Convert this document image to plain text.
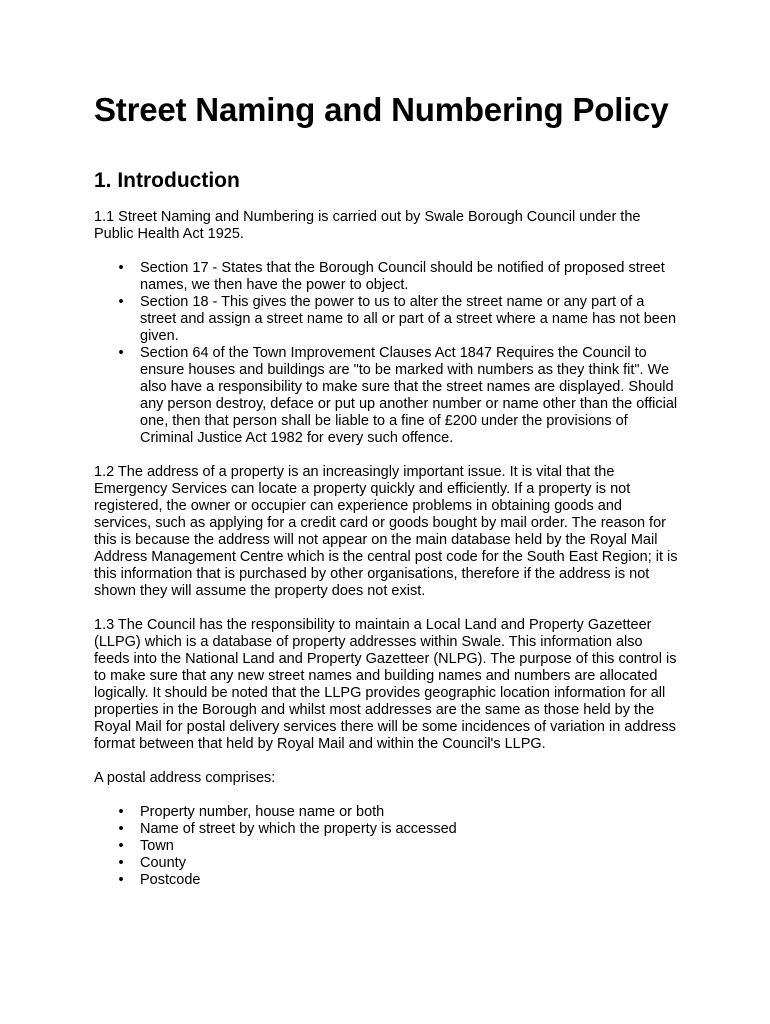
Street Naming and Numbering Policy
1. Introduction

1.1 Street Naming and Numbering is carried out by Swale Borough Council under the Public Health Act 1925.

• Section 17 - States that the Borough Council should be notified of proposed street names, we then have the power to object.
• Section 18 - This gives the power to us to alter the street name or any part of a street and assign a street name to all or part of a street where a name has not been given.
• Section 64 of the Town Improvement Clauses Act 1847 Requires the Council to ensure houses and buildings are "to be marked with numbers as they think fit". We also have a responsibility to make sure that the street names are displayed. Should any person destroy, deface or put up another number or name other than the official one, then that person shall be liable to a fine of £200 under the provisions of Criminal Justice Act 1982 for every such offence.

1.2 The address of a property is an increasingly important issue. It is vital that the Emergency Services can locate a property quickly and efficiently. If a property is not registered, the owner or occupier can experience problems in obtaining goods and services, such as applying for a credit card or goods bought by mail order. The reason for this is because the address will not appear on the main database held by the Royal Mail Address Management Centre which is the central post code for the South East Region; it is this information that is purchased by other organisations, therefore if the address is not shown they will assume the property does not exist.

1.3 The Council has the responsibility to maintain a Local Land and Property Gazetteer (LLPG) which is a database of property addresses within Swale. This information also feeds into the National Land and Property Gazetteer (NLPG). The purpose of this control is to make sure that any new street names and building names and numbers are allocated logically. It should be noted that the LLPG provides geographic location information for all properties in the Borough and whilst most addresses are the same as those held by the Royal Mail for postal delivery services there will be some incidences of variation in address format between that held by Royal Mail and within the Council's LLPG.

A postal address comprises:

• Property number, house name or both
• Name of street by which the property is accessed
• Town
• County
• Postcode
